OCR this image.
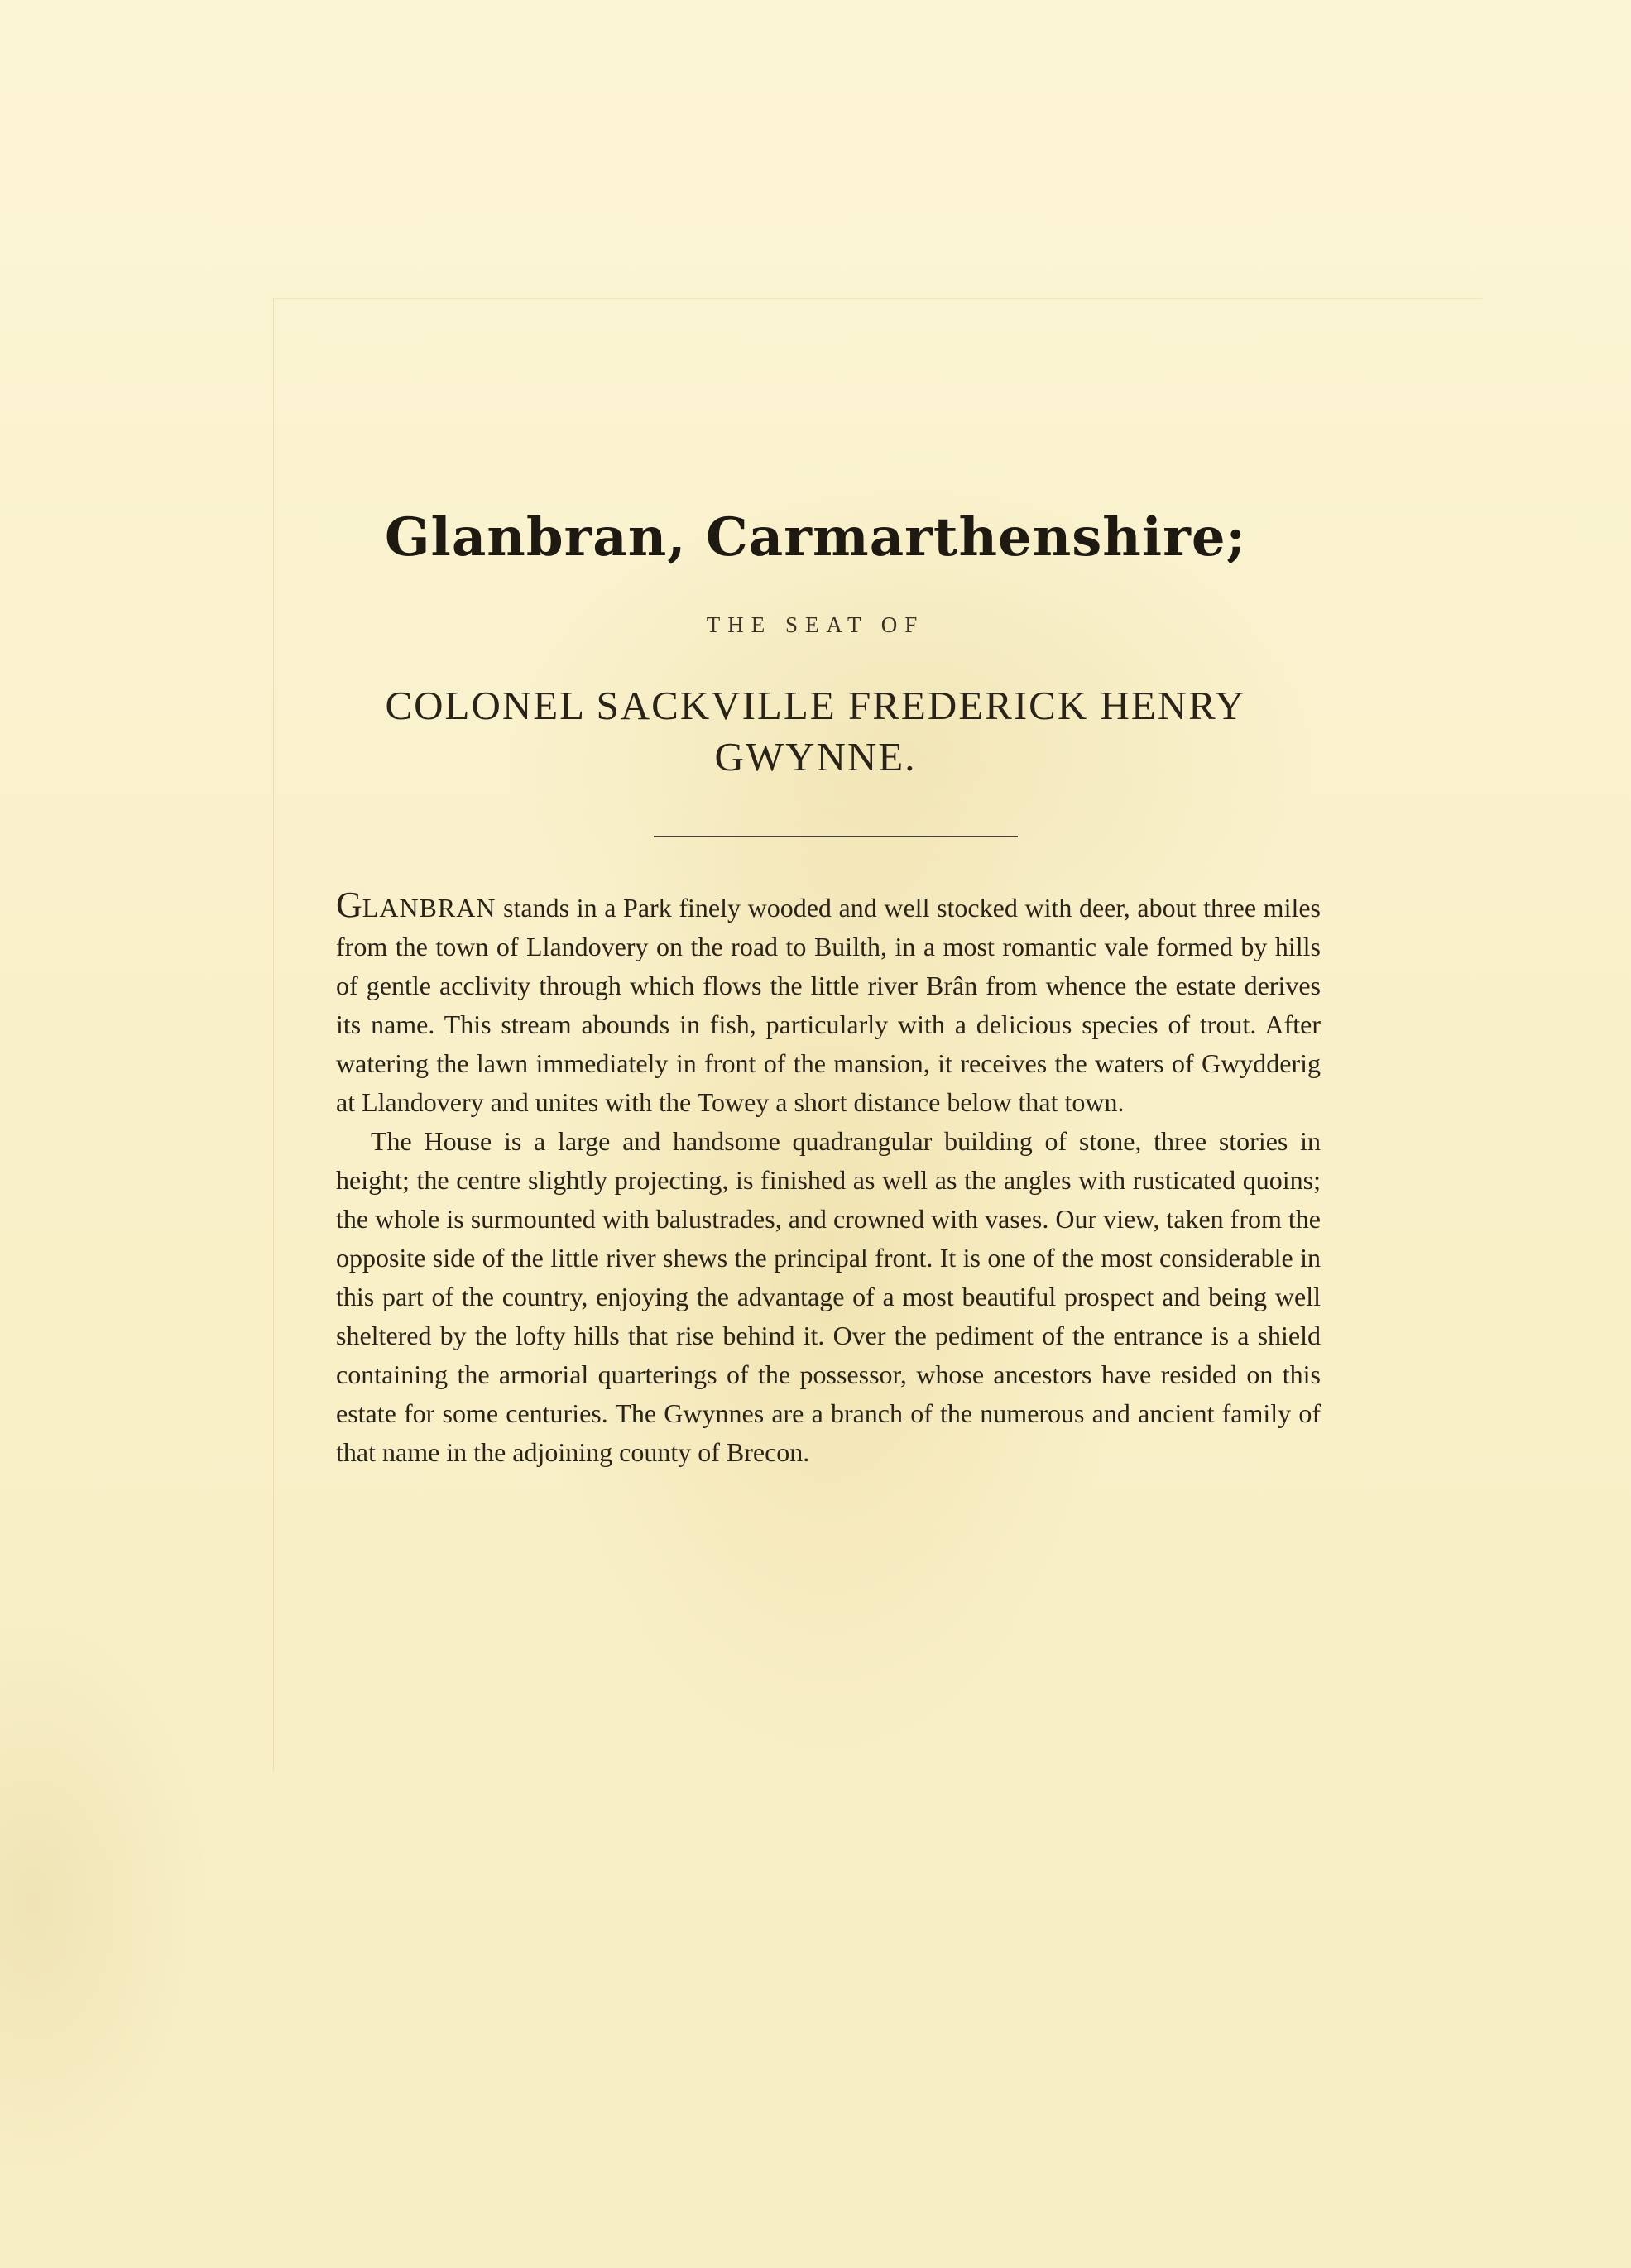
Glanbran, Carmarthenshire;
THE SEAT OF
COLONEL SACKVILLE FREDERICK HENRY
GWYNNE.

GLANBRAN stands in a Park finely wooded and well stocked with deer, about three miles from the town of Llandovery on the road to Builth, in a most romantic vale formed by hills of gentle acclivity through which flows the little river Brân from whence the estate derives its name. This stream abounds in fish, particularly with a delicious species of trout. After watering the lawn immediately in front of the mansion, it receives the waters of Gwydderig at Llandovery and unites with the Towey a short distance below that town.

The House is a large and handsome quadrangular building of stone, three stories in height; the centre slightly projecting, is finished as well as the angles with rusticated quoins; the whole is surmounted with balustrades, and crowned with vases. Our view, taken from the opposite side of the little river shews the principal front. It is one of the most considerable in this part of the country, enjoying the advantage of a most beautiful prospect and being well sheltered by the lofty hills that rise behind it. Over the pediment of the entrance is a shield containing the armorial quarterings of the possessor, whose ancestors have resided on this estate for some centuries. The Gwynnes are a branch of the numerous and ancient family of that name in the adjoining county of Brecon.
